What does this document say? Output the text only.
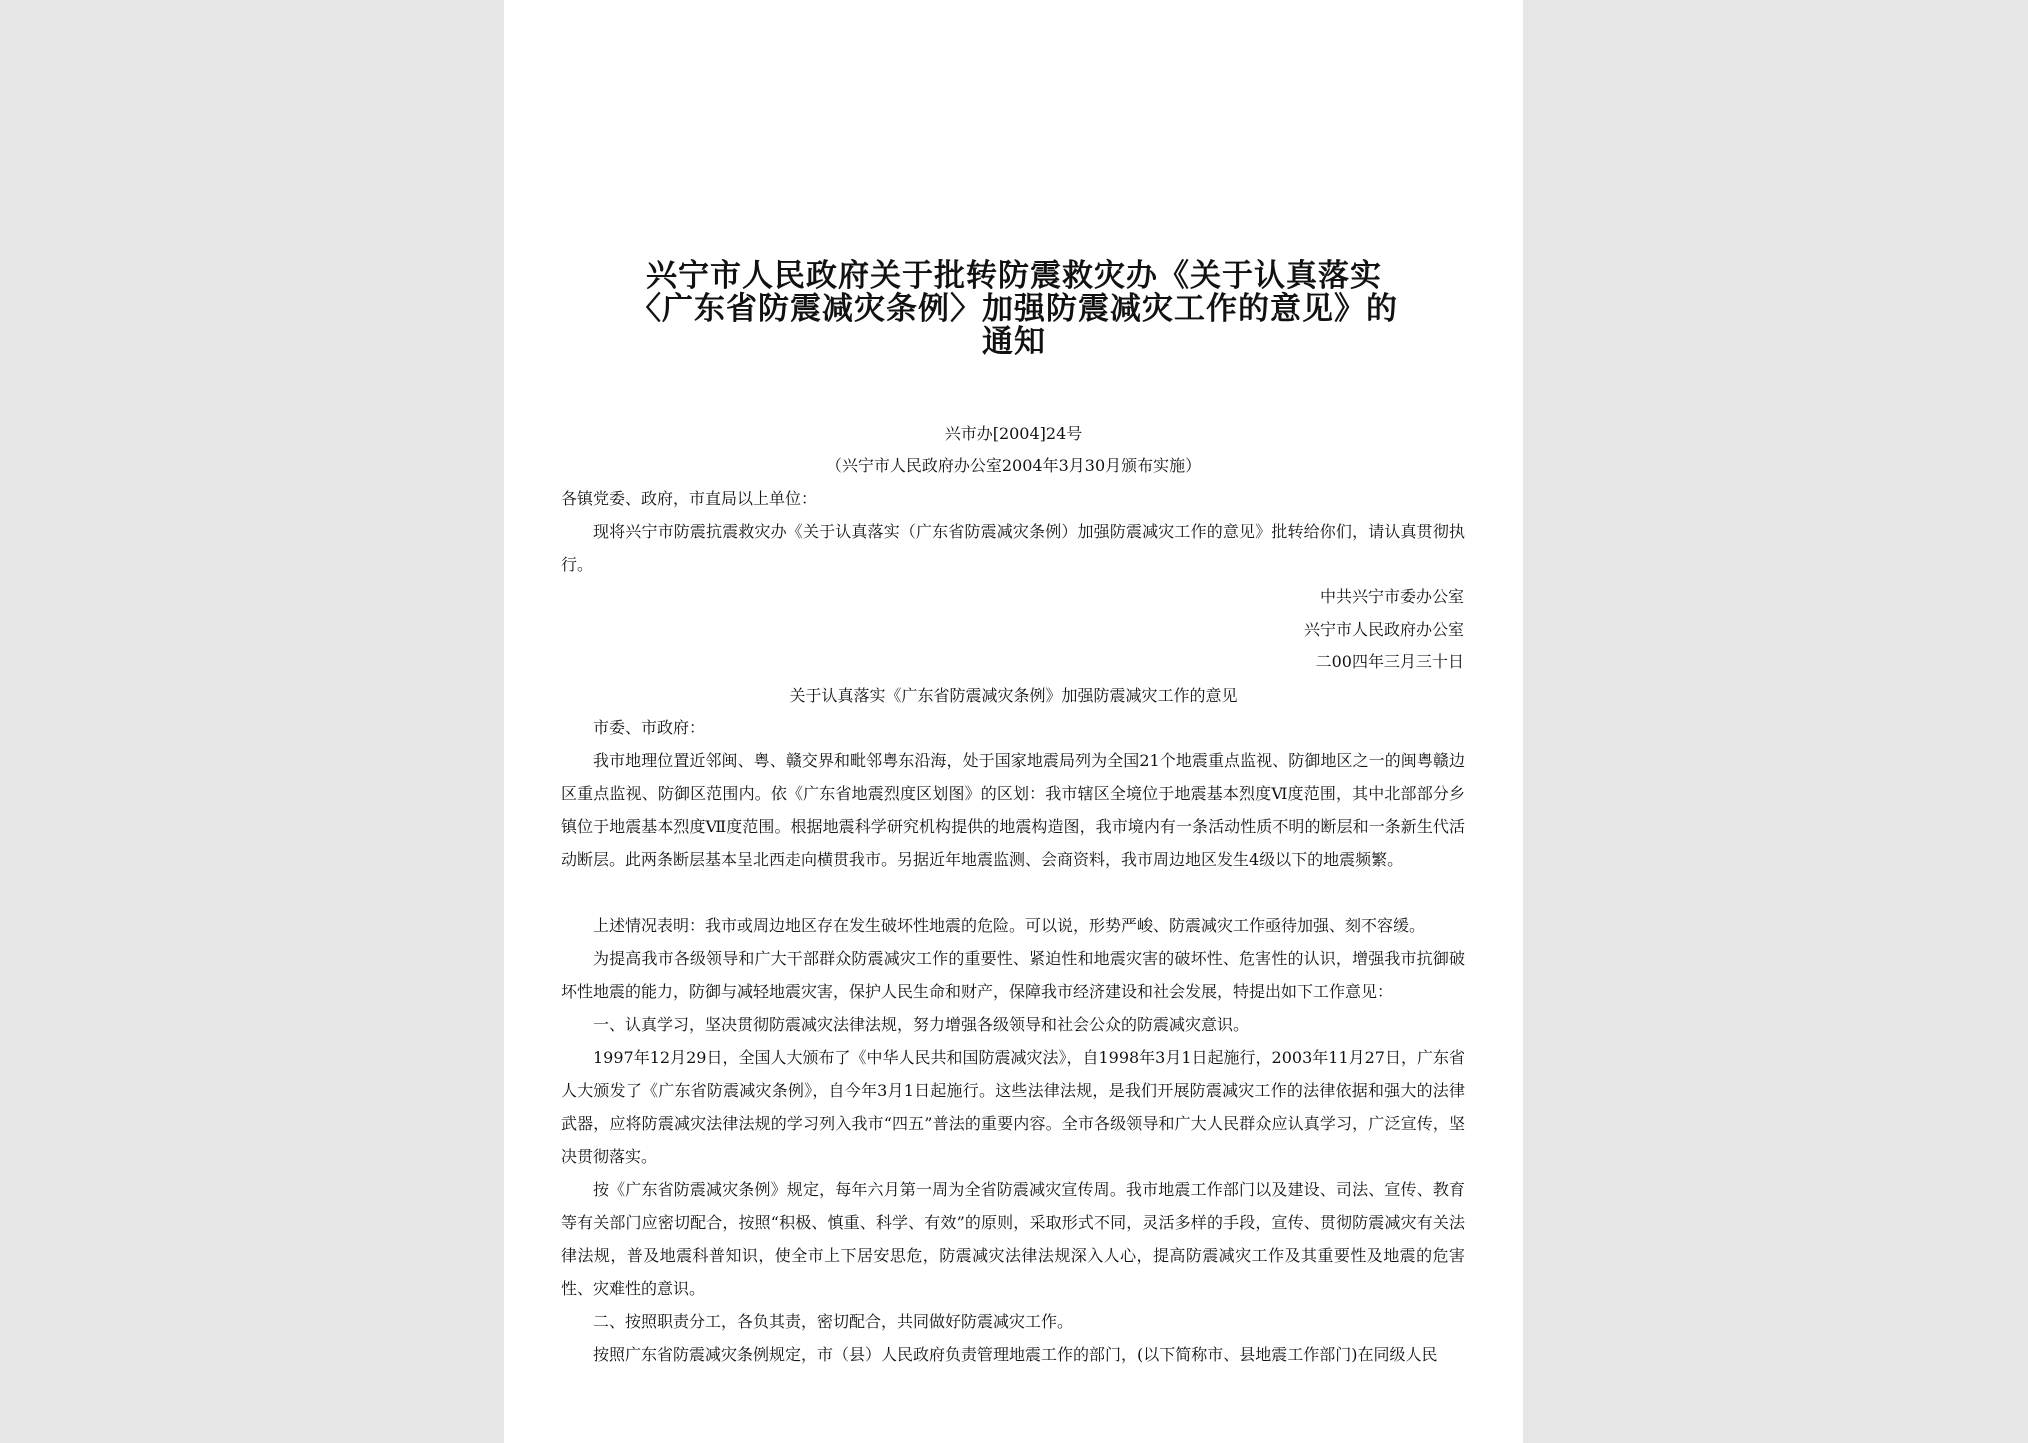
兴宁市人民政府关于批转防震救灾办《关于认真落实
〈广东省防震减灾条例〉加强防震减灾工作的意见》的
通知
兴市办[2004]24号
（兴宁市人民政府办公室2004年3月30月颁布实施）
各镇党委、政府，市直局以上单位：
现将兴宁市防震抗震救灾办《关于认真落实（广东省防震减灾条例）加强防震减灾工作的意见》批转给你们，请认真贯彻执行。
中共兴宁市委办公室
兴宁市人民政府办公室
二00四年三月三十日
关于认真落实《广东省防震减灾条例》加强防震减灾工作的意见
市委、市政府：
我市地理位置近邻闽、粤、赣交界和毗邻粤东沿海，处于国家地震局列为全国21个地震重点监视、防御地区之一的闽粤赣边区重点监视、防御区范围内。依《广东省地震烈度区划图》的区划：我市辖区全境位于地震基本烈度Ⅵ度范围，其中北部部分乡镇位于地震基本烈度Ⅶ度范围。根据地震科学研究机构提供的地震构造图，我市境内有一条活动性质不明的断层和一条新生代活动断层。此两条断层基本呈北西走向横贯我市。另据近年地震监测、会商资料，我市周边地区发生4级以下的地震频繁。
上述情况表明：我市或周边地区存在发生破坏性地震的危险。可以说，形势严峻、防震减灾工作亟待加强、刻不容缓。
为提高我市各级领导和广大干部群众防震减灾工作的重要性、紧迫性和地震灾害的破坏性、危害性的认识，增强我市抗御破坏性地震的能力，防御与减轻地震灾害，保护人民生命和财产，保障我市经济建设和社会发展，特提出如下工作意见：
一、认真学习，坚决贯彻防震减灾法律法规，努力增强各级领导和社会公众的防震减灾意识。
1997年12月29日，全国人大颁布了《中华人民共和国防震减灾法》，自1998年3月1日起施行，2003年11月27日，广东省人大颁发了《广东省防震减灾条例》，自今年3月1日起施行。这些法律法规，是我们开展防震减灾工作的法律依据和强大的法律武器，应将防震减灾法律法规的学习列入我市“四五”普法的重要内容。全市各级领导和广大人民群众应认真学习，广泛宣传，坚决贯彻落实。
按《广东省防震减灾条例》规定，每年六月第一周为全省防震减灾宣传周。我市地震工作部门以及建设、司法、宣传、教育等有关部门应密切配合，按照“积极、慎重、科学、有效”的原则，采取形式不同，灵活多样的手段，宣传、贯彻防震减灾有关法律法规，普及地震科普知识，使全市上下居安思危，防震减灾法律法规深入人心，提高防震减灾工作及其重要性及地震的危害性、灾难性的意识。
二、按照职责分工，各负其责，密切配合，共同做好防震减灾工作。
按照广东省防震减灾条例规定，市（县）人民政府负责管理地震工作的部门，(以下简称市、县地震工作部门)在同级人民
